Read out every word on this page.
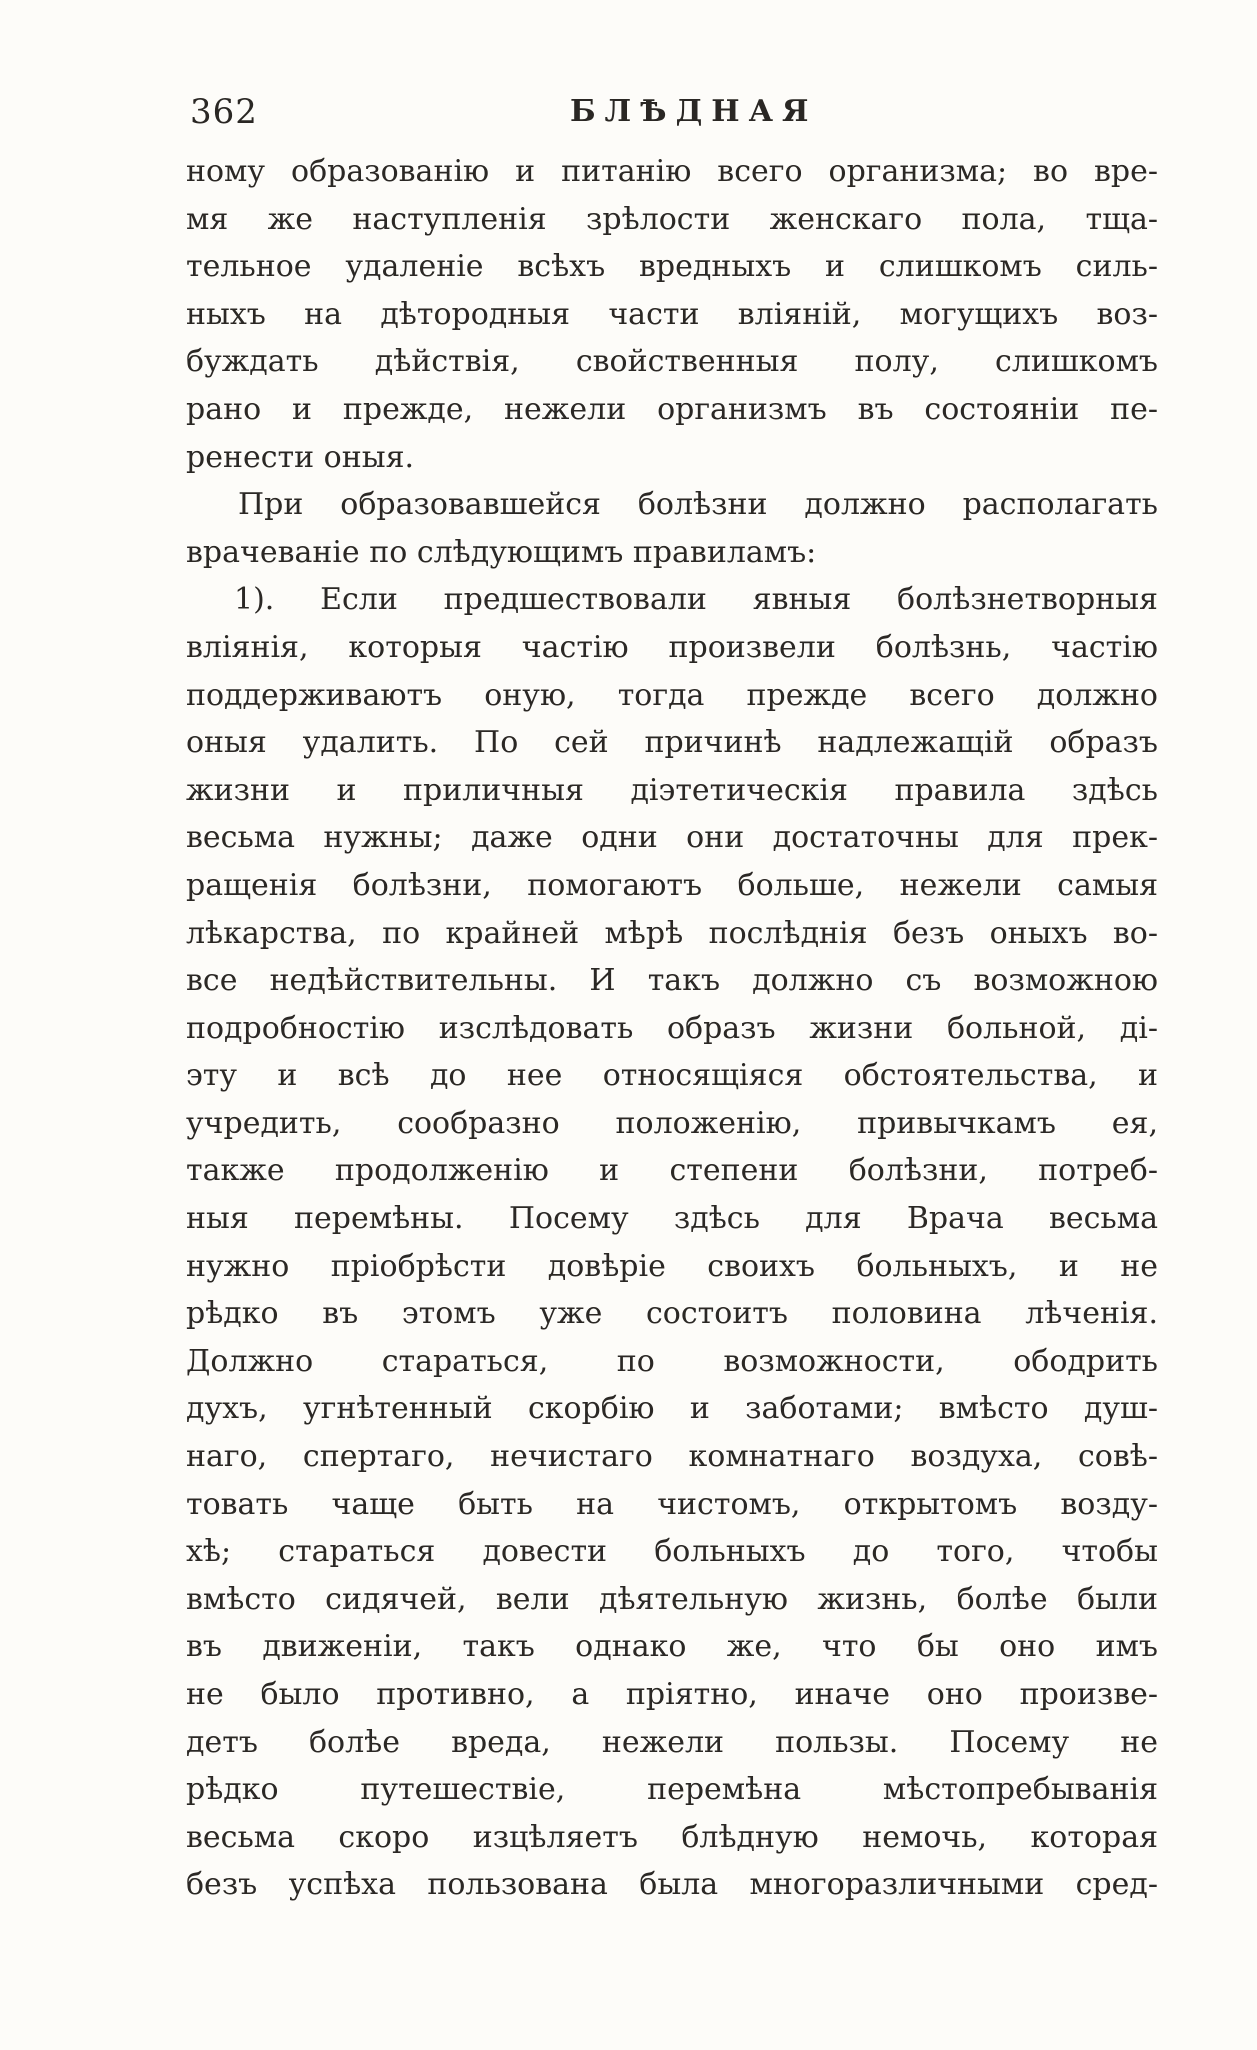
362	БЛѢДНАЯ
ному образованію и питанію всего организма; во вре-
мя же наступленія зрѣлости женскаго пола, тща-
тельное удаленіе всѣхъ вредныхъ и слишкомъ силь-
ныхъ на дѣтородныя части вліяній, могущихъ воз-
буждать дѣйствія, свойственныя полу, слишкомъ
рано и прежде, нежели организмъ въ состояніи пе-
ренести оныя.
При образовавшейся болѣзни должно располагать
врачеваніе по слѣдующимъ правиламъ:
1). Если предшествовали явныя болѣзнетворныя
вліянія, которыя частію произвели болѣзнь, частію
поддерживаютъ оную, тогда прежде всего должно
оныя удалить. По сей причинѣ надлежащій образъ
жизни и приличныя діэтетическія правила здѣсь
весьма нужны; даже одни они достаточны для прек-
ращенія болѣзни, помогаютъ больше, нежели самыя
лѣкарства, по крайней мѣрѣ послѣднія безъ оныхъ во-
все недѣйствительны. И такъ должно съ возможною
подробностію изслѣдовать образъ жизни больной, ді-
эту и всѣ до нее относящіяся обстоятельства, и
учредить, сообразно положенію, привычкамъ ея,
также продолженію и степени болѣзни, потреб-
ныя перемѣны. Посему здѣсь для Врача весьма
нужно пріобрѣсти довѣріе своихъ больныхъ, и не
рѣдко въ этомъ уже состоитъ половина лѣченія.
Должно стараться, по возможности, ободрить
духъ, угнѣтенный скорбію и заботами; вмѣсто душ-
наго, спертаго, нечистаго комнатнаго воздуха, совѣ-
товать чаще быть на чистомъ, открытомъ возду-
хѣ; стараться довести больныхъ до того, чтобы
вмѣсто сидячей, вели дѣятельную жизнь, болѣе были
въ движеніи, такъ однако же, что бы оно имъ
не было противно, а пріятно, иначе оно произве-
детъ болѣе вреда, нежели пользы. Посему не
рѣдко путешествіе, перемѣна мѣстопребыванія
весьма скоро изцѣляетъ блѣдную немочь, которая
безъ успѣха пользована была многоразличными сред-
